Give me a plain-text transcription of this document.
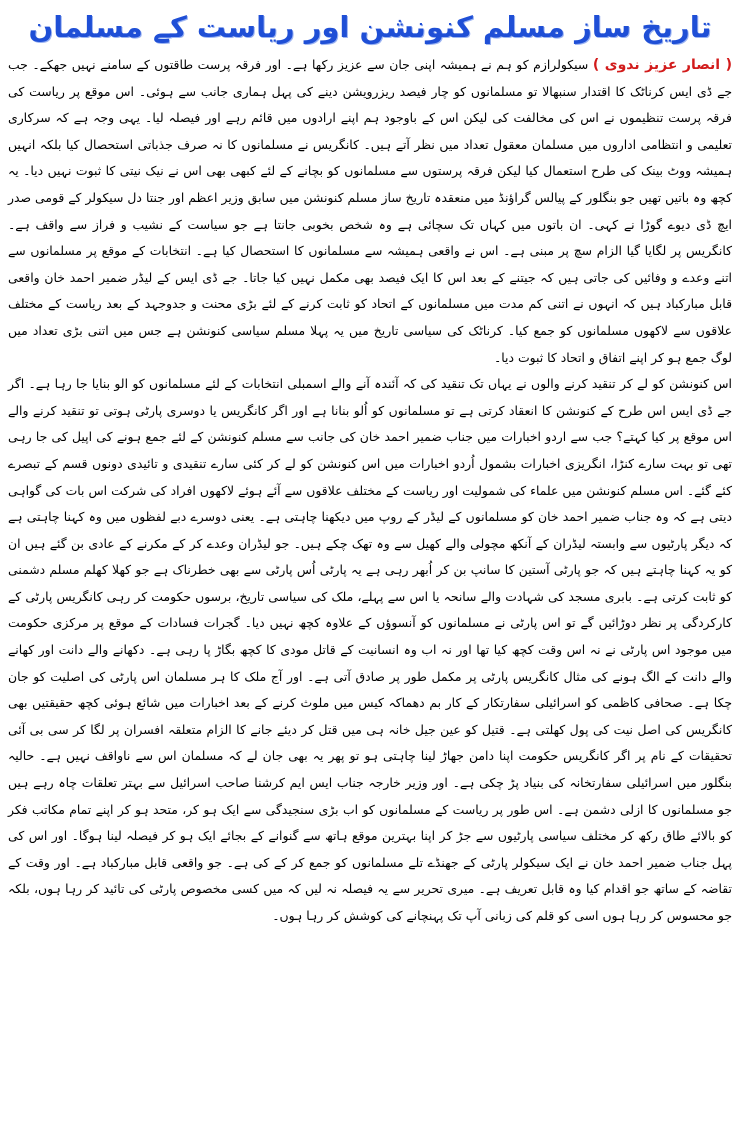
تاریخ ساز مسلم کنونشن اور ریاست کے مسلمان

( انصار عزیز ندوی ) سیکولرازم کو ہم نے ہمیشہ اپنی جان سے عزیز رکھا ہے۔ اور فرقہ پرست طاقتوں کے سامنے نہیں جھکے۔ جب جے ڈی ایس کرناٹک کا اقتدار سنبھالا تو مسلمانوں کو چار فیصد ریزرویشن دینے کی پہل ہماری جانب سے ہوئی۔ اس موقع پر ریاست کی فرقہ پرست تنظیموں نے اس کی مخالفت کی لیکن اس کے باوجود ہم اپنے ارادوں میں قائم رہے اور فیصلہ لیا۔ یہی وجہ ہے کہ سرکاری تعلیمی و انتظامی اداروں میں مسلمان معقول تعداد میں نظر آتے ہیں۔ کانگریس نے مسلمانوں کا نہ صرف جذباتی استحصال کیا بلکہ انہیں ہمیشہ ووٹ بینک کی طرح استعمال کیا لیکن فرقہ پرستوں سے مسلمانوں کو بچانے کے لئے کبھی بھی اس نے نیک نیتی کا ثبوت نہیں دیا۔ یہ کچھ وہ باتیں تھیں جو بنگلور کے پیالس گراؤنڈ میں منعقدہ تاریخ ساز مسلم کنونشن میں سابق وزیر اعظم اور جنتا دل سیکولر کے قومی صدر ایچ ڈی دیوے گوڑا نے کہی۔ ان باتوں میں کہاں تک سچائی ہے وہ شخص بخوبی جانتا ہے جو سیاست کے نشیب و فراز سے واقف ہے۔ کانگریس پر لگایا گیا الزام سچ پر مبنی ہے۔ اس نے واقعی ہمیشہ سے مسلمانوں کا استحصال کیا ہے۔ انتخابات کے موقع پر مسلمانوں سے اتنے وعدے و وفائیں کی جاتی ہیں کہ جیتنے کے بعد اس کا ایک فیصد بھی مکمل نہیں کیا جاتا۔ جے ڈی ایس کے لیڈر ضمیر احمد خان واقعی قابل مبارکباد ہیں کہ انہوں نے اتنی کم مدت میں مسلمانوں کے اتحاد کو ثابت کرنے کے لئے بڑی محنت و جدوجہد کے بعد ریاست کے مختلف علاقوں سے لاکھوں مسلمانوں کو جمع کیا۔ کرناٹک کی سیاسی تاریخ میں یہ پہلا مسلم سیاسی کنونشن ہے جس میں اتنی بڑی تعداد میں لوگ جمع ہو کر اپنے اتفاق و اتحاد کا ثبوت دیا۔

اس کنونشن کو لے کر تنقید کرنے والوں نے یہاں تک تنقید کی کہ آئندہ آنے والے اسمبلی انتخابات کے لئے مسلمانوں کو الو بنایا جا رہا ہے۔ اگر جے ڈی ایس اس طرح کے کنونشن کا انعقاد کرتی ہے تو مسلمانوں کو اُلو بنانا ہے اور اگر کانگریس یا دوسری پارٹی ہوتی تو تنقید کرنے والے اس موقع پر کیا کہتے؟ جب سے اردو اخبارات میں جناب ضمیر احمد خان کی جانب سے مسلم کنونشن کے لئے جمع ہونے کی اپیل کی جا رہی تھی تو بہت سارے کنڑا، انگریزی اخبارات بشمول اُردو اخبارات میں اس کنونشن کو لے کر کئی سارے تنقیدی و تائیدی دونوں قسم کے تبصرے کئے گئے۔ اس مسلم کنونشن میں علماء کی شمولیت اور ریاست کے مختلف علاقوں سے آئے ہوئے لاکھوں افراد کی شرکت اس بات کی گواہی دیتی ہے کہ وہ جناب ضمیر احمد خان کو مسلمانوں کے لیڈر کے روپ میں دیکھنا چاہتی ہے۔ یعنی دوسرے دبے لفظوں میں وہ کہنا چاہتی ہے کہ دیگر پارٹیوں سے وابستہ لیڈران کے آنکھ مچولی والے کھیل سے وہ تھک چکے ہیں۔ جو لیڈران وعدے کر کے مکرنے کے عادی بن گئے ہیں ان کو یہ کہنا چاہتے ہیں کہ جو پارٹی آستین کا سانپ بن کر اُبھر رہی ہے یہ پارٹی اُس پارٹی سے بھی خطرناک ہے جو کھلا کھلم مسلم دشمنی کو ثابت کرتی ہے۔ بابری مسجد کی شہادت والے سانحہ یا اس سے پہلے، ملک کی سیاسی تاریخ، برسوں حکومت کر رہی کانگریس پارٹی کے کارکردگی پر نظر دوڑائیں گے تو اس پارٹی نے مسلمانوں کو آنسوؤں کے علاوہ کچھ نہیں دیا۔ گجرات فسادات کے موقع پر مرکزی حکومت میں موجود اس پارٹی نے نہ اس وقت کچھ کیا تھا اور نہ اب وہ انسانیت کے قاتل مودی کا کچھ بگاڑ پا رہی ہے۔ دکھانے والے دانت اور کھانے والے دانت کے الگ ہونے کی مثال کانگریس پارٹی پر مکمل طور پر صادق آتی ہے۔ اور آج ملک کا ہر مسلمان اس پارٹی کی اصلیت کو جان چکا ہے۔ صحافی کاظمی کو اسرائیلی سفارتکار کے کار بم دھماکہ کیس میں ملوث کرنے کے بعد اخبارات میں شائع ہوئی کچھ حقیقتیں بھی کانگریس کی اصل نیت کی پول کھلتی ہے۔ قتیل کو عین جیل خانہ ہی میں قتل کر دیئے جانے کا الزام متعلقہ افسران پر لگا کر سی بی آئی تحقیقات کے نام پر اگر کانگریس حکومت اپنا دامن جھاڑ لینا چاہتی ہو تو پھر یہ بھی جان لے کہ مسلمان اس سے ناواقف نہیں ہے۔ حالیہ بنگلور میں اسرائیلی سفارتخانہ کی بنیاد پڑ چکی ہے۔ اور وزیر خارجہ جناب ایس ایم کرشنا صاحب اسرائیل سے بہتر تعلقات چاہ رہے ہیں جو مسلمانوں کا ازلی دشمن ہے۔ اس طور پر ریاست کے مسلمانوں کو اب بڑی سنجیدگی سے ایک ہو کر، متحد ہو کر اپنے تمام مکاتب فکر کو بالائے طاق رکھ کر مختلف سیاسی پارٹیوں سے جڑ کر اپنا بہترین موقع ہاتھ سے گنوانے کے بجائے ایک ہو کر فیصلہ لینا ہوگا۔ اور اس کی پہل جناب ضمیر احمد خان نے ایک سیکولر پارٹی کے جھنڈے تلے مسلمانوں کو جمع کر کے کی ہے۔ جو واقعی قابل مبارکباد ہے۔ اور وقت کے تقاضہ کے ساتھ جو اقدام کیا وہ قابل تعریف ہے۔ میری تحریر سے یہ فیصلہ نہ لیں کہ میں کسی مخصوص پارٹی کی تائید کر رہا ہوں، بلکہ جو محسوس کر رہا ہوں اسی کو قلم کی زبانی آپ تک پہنچانے کی کوشش کر رہا ہوں۔
